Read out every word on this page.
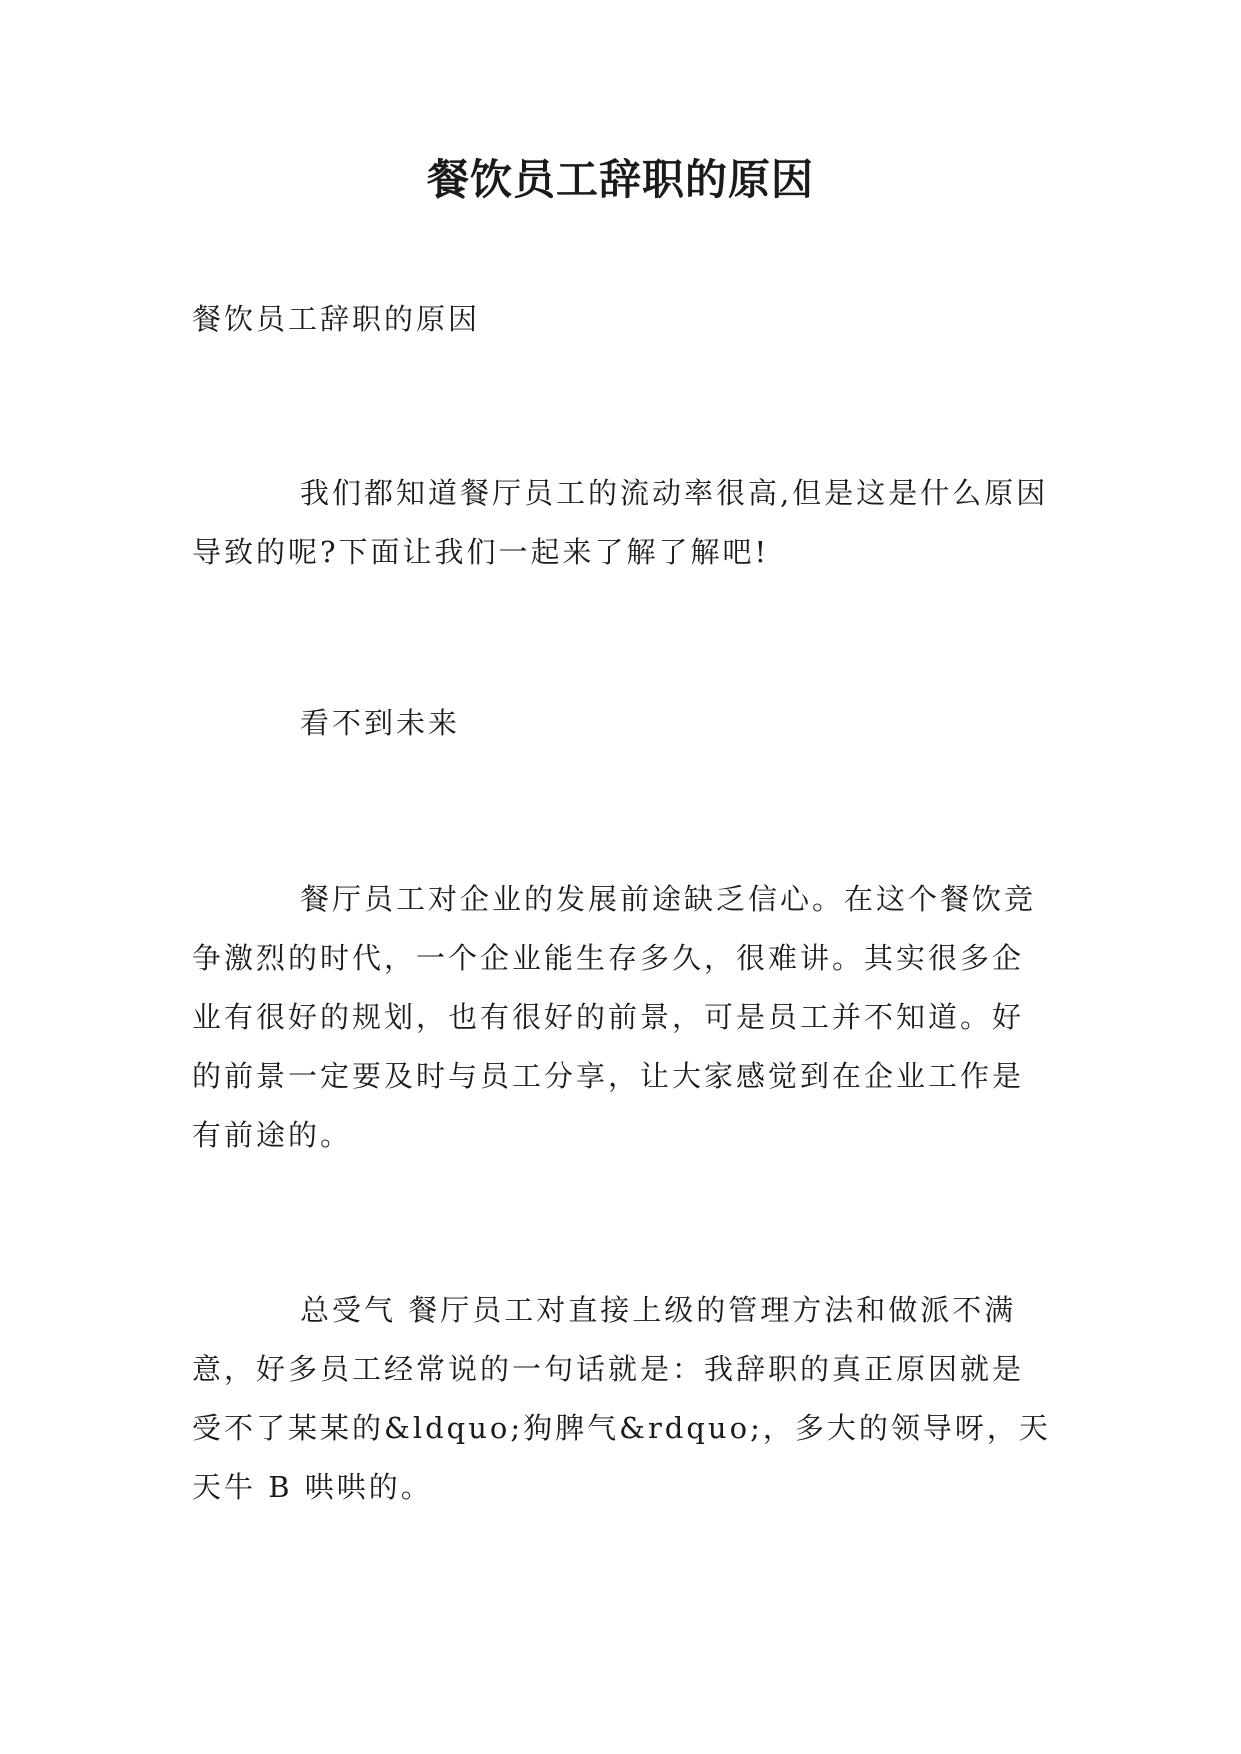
餐饮员工辞职的原因
餐饮员工辞职的原因
我们都知道餐厅员工的流动率很高,但是这是什么原因导致的呢?下面让我们一起来了解了解吧!
看不到未来
餐厅员工对企业的发展前途缺乏信心。在这个餐饮竞争激烈的时代，一个企业能生存多久，很难讲。其实很多企业有很好的规划，也有很好的前景，可是员工并不知道。好的前景一定要及时与员工分享，让大家感觉到在企业工作是有前途的。
总受气 餐厅员工对直接上级的管理方法和做派不满意，好多员工经常说的一句话就是：我辞职的真正原因就是受不了某某的&ldquo;狗脾气&rdquo;，多大的领导呀，天天牛 B 哄哄的。
